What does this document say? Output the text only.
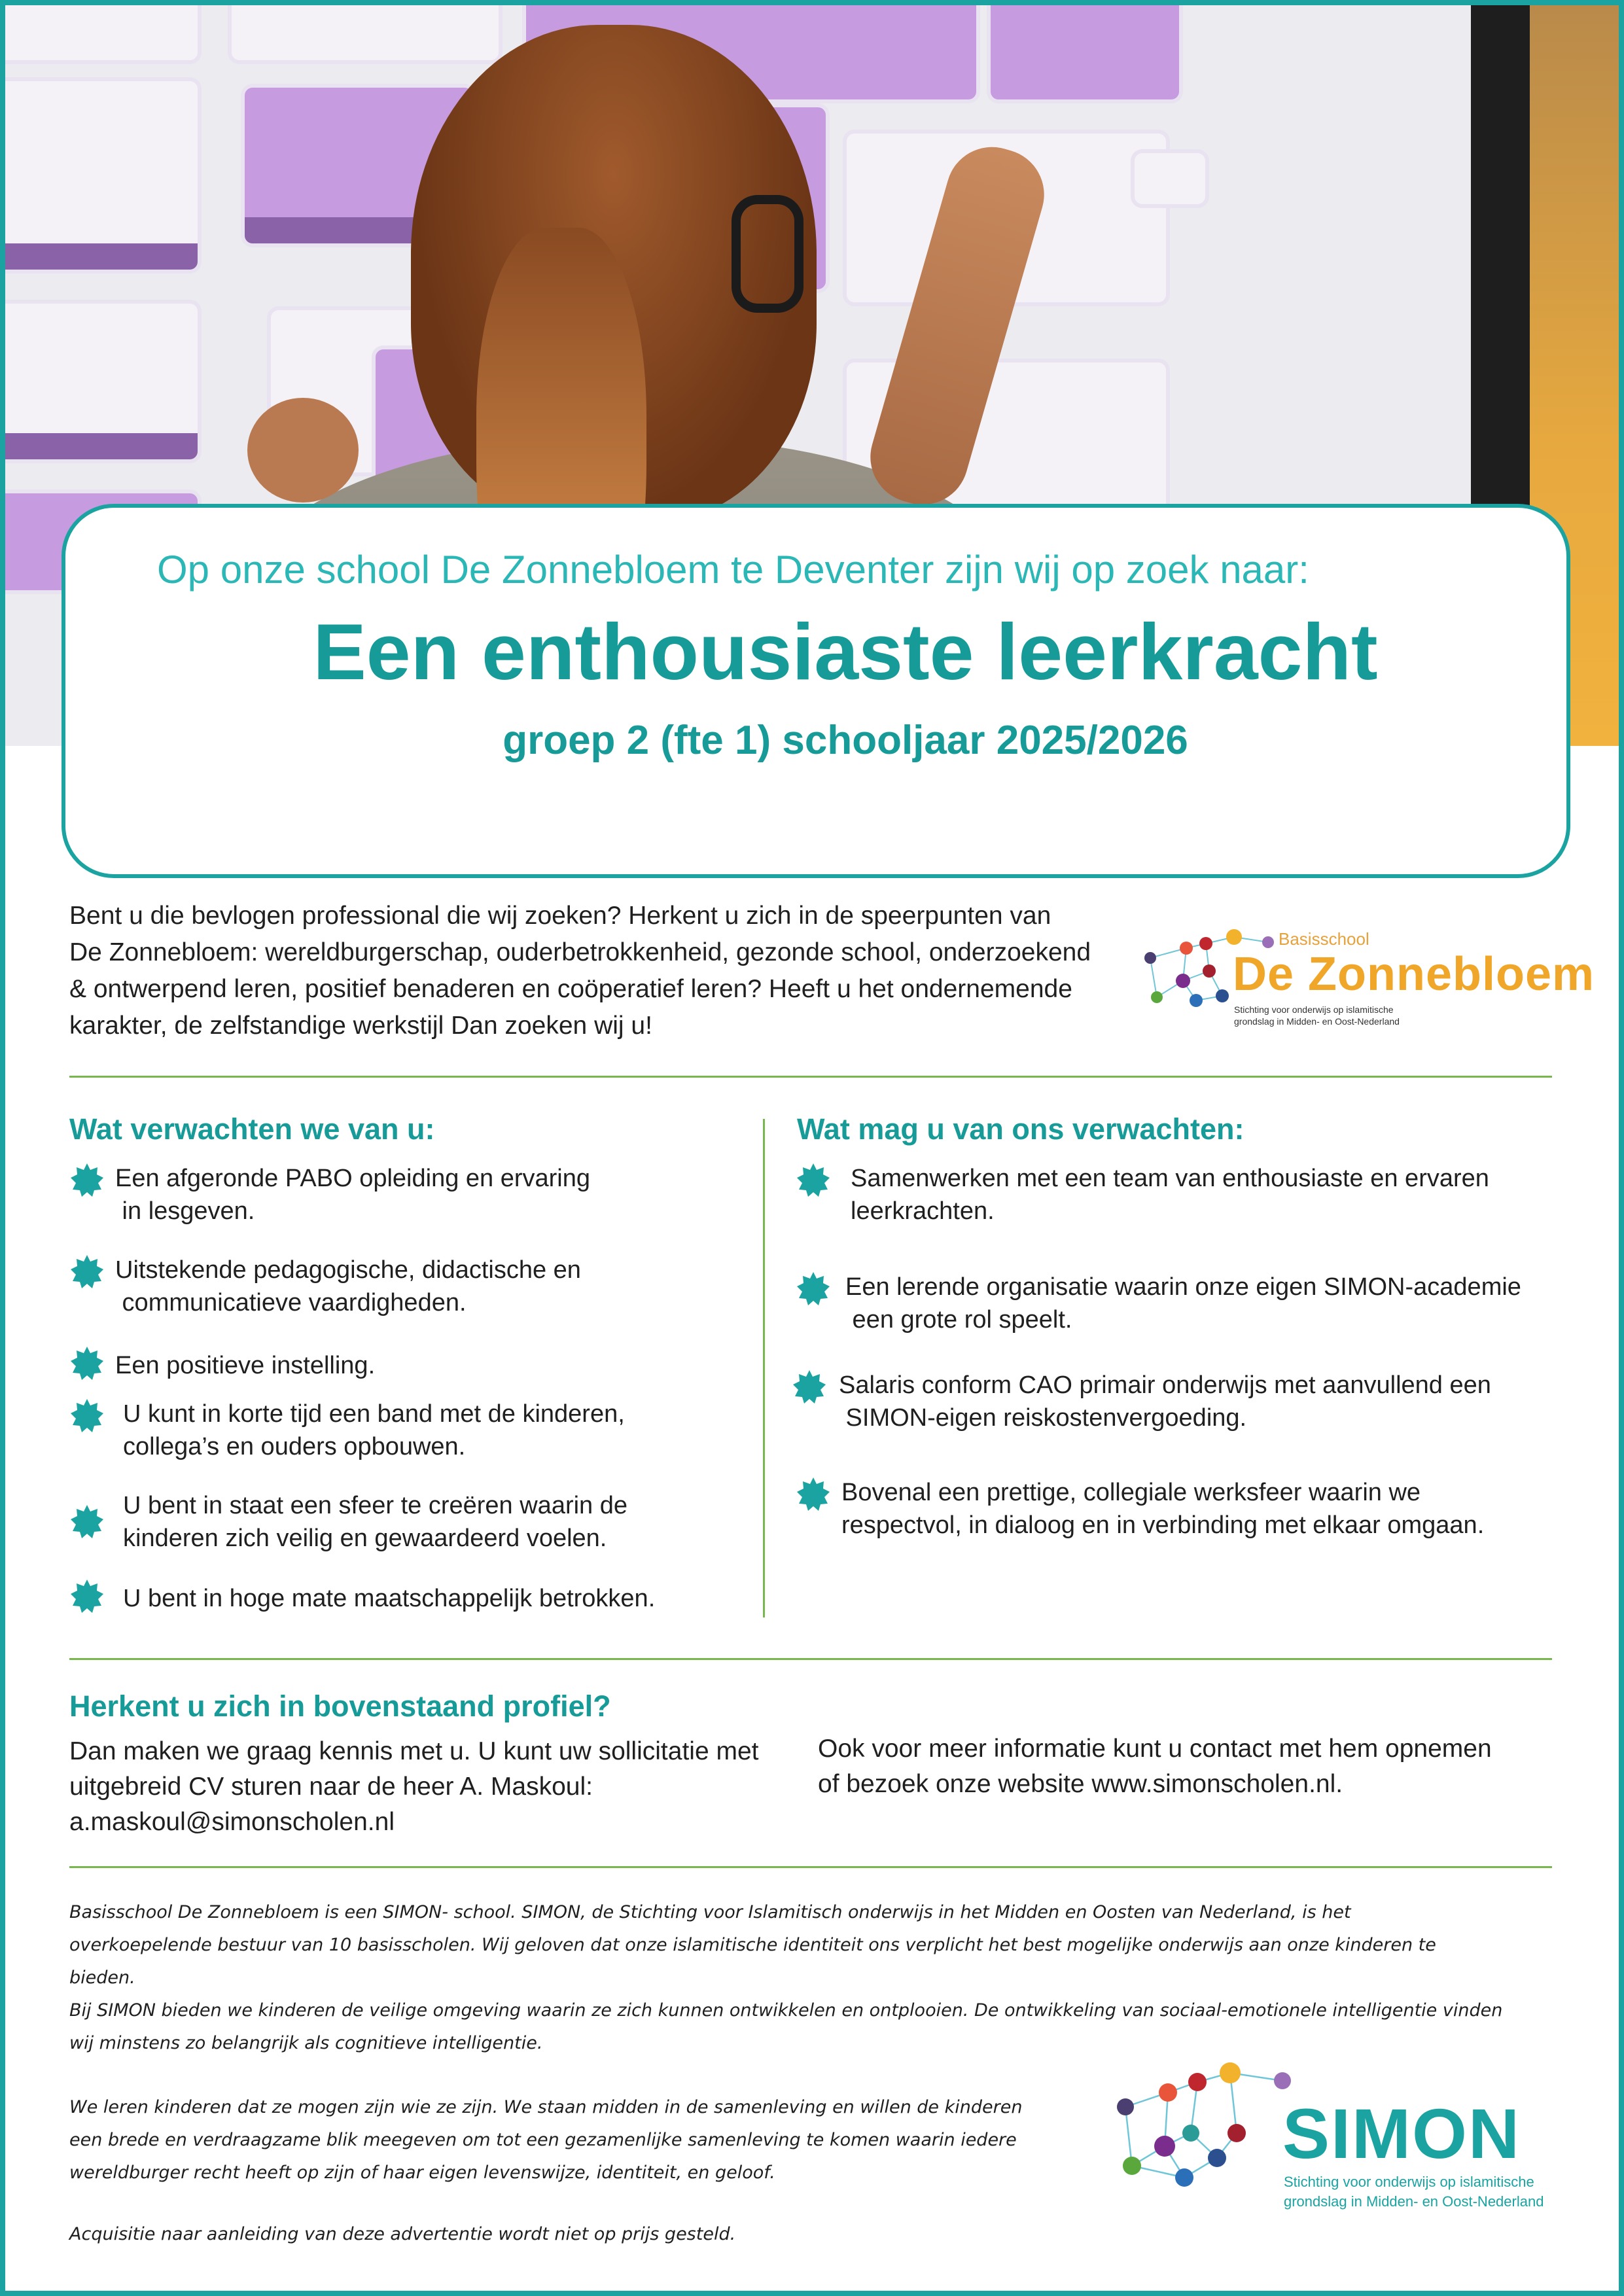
Op onze school De Zonnebloem te Deventer zijn wij op zoek naar:
Een enthousiaste leerkracht
groep 2 (fte 1) schooljaar 2025/2026
Bent u die bevlogen professional die wij zoeken? Herkent u zich in de speerpunten van
De Zonnebloem: wereldburgerschap, ouderbetrokkenheid, gezonde school, onderzoekend
& ontwerpend leren, positief benaderen en coöperatief leren? Heeft u het ondernemende
karakter, de zelfstandige werkstijl Dan zoeken wij u!
Basisschool
De Zonnebloem
Stichting voor onderwijs op islamitische
grondslag in Midden- en Oost-Nederland
Wat verwachten we van u:	Wat mag u van ons verwachten:
Een afgeronde PABO opleiding en ervaring
in lesgeven.
Uitstekende pedagogische, didactische en
communicatieve vaardigheden.
Een positieve instelling.
U kunt in korte tijd een band met de kinderen,
collega’s en ouders opbouwen.
U bent in staat een sfeer te creëren waarin de
kinderen zich veilig en gewaardeerd voelen.
U bent in hoge mate maatschappelijk betrokken.
Samenwerken met een team van enthousiaste en ervaren
leerkrachten.
Een lerende organisatie waarin onze eigen SIMON-academie
een grote rol speelt.
Salaris conform CAO primair onderwijs met aanvullend een
SIMON-eigen reiskostenvergoeding.
Bovenal een prettige, collegiale werksfeer waarin we
respectvol, in dialoog en in verbinding met elkaar omgaan.
Herkent u zich in bovenstaand profiel?
Dan maken we graag kennis met u. U kunt uw sollicitatie met
uitgebreid CV sturen naar de heer A. Maskoul:
a.maskoul@simonscholen.nl
Ook voor meer informatie kunt u contact met hem opnemen
of bezoek onze website www.simonscholen.nl.
Basisschool De Zonnebloem is een SIMON- school. SIMON, de Stichting voor Islamitisch onderwijs in het Midden en Oosten van Nederland, is het
overkoepelende bestuur van 10 basisscholen. Wij geloven dat onze islamitische identiteit ons verplicht het best mogelijke onderwijs aan onze kinderen te
bieden.
Bij SIMON bieden we kinderen de veilige omgeving waarin ze zich kunnen ontwikkelen en ontplooien. De ontwikkeling van sociaal-emotionele intelligentie vinden
wij minstens zo belangrijk als cognitieve intelligentie.
We leren kinderen dat ze mogen zijn wie ze zijn. We staan midden in de samenleving en willen de kinderen
een brede en verdraagzame blik meegeven om tot een gezamenlijke samenleving te komen waarin iedere
wereldburger recht heeft op zijn of haar eigen levenswijze, identiteit, en geloof.
Acquisitie naar aanleiding van deze advertentie wordt niet op prijs gesteld.
SIMON
Stichting voor onderwijs op islamitische
grondslag in Midden- en Oost-Nederland
